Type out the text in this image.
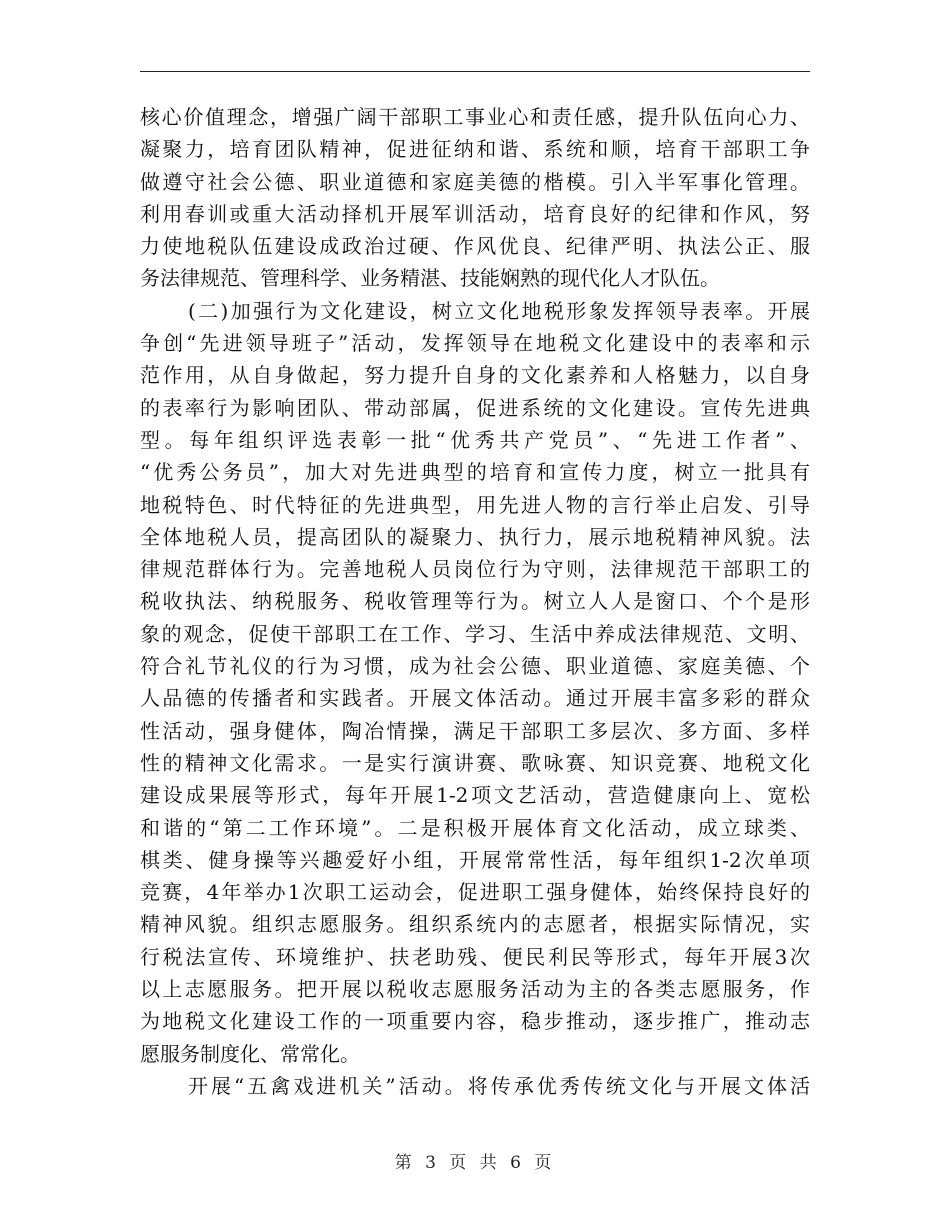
核心价值理念，增强广阔干部职工事业心和责任感，提升队伍向心力、
凝聚力，培育团队精神，促进征纳和谐、系统和顺，培育干部职工争
做遵守社会公德、职业道德和家庭美德的楷模。引入半军事化管理。
利用春训或重大活动择机开展军训活动，培育良好的纪律和作风，努
力使地税队伍建设成政治过硬、作风优良、纪律严明、执法公正、服
务法律规范、管理科学、业务精湛、技能娴熟的现代化人才队伍。
(二)加强行为文化建设，树立文化地税形象发挥领导表率。开展
争创“先进领导班子”活动，发挥领导在地税文化建设中的表率和示
范作用，从自身做起，努力提升自身的文化素养和人格魅力，以自身
的表率行为影响团队、带动部属，促进系统的文化建设。宣传先进典
型。每年组织评选表彰一批“优秀共产党员”、“先进工作者”、
“优秀公务员”，加大对先进典型的培育和宣传力度，树立一批具有
地税特色、时代特征的先进典型，用先进人物的言行举止启发、引导
全体地税人员，提高团队的凝聚力、执行力，展示地税精神风貌。法
律规范群体行为。完善地税人员岗位行为守则，法律规范干部职工的
税收执法、纳税服务、税收管理等行为。树立人人是窗口、个个是形
象的观念，促使干部职工在工作、学习、生活中养成法律规范、文明、
符合礼节礼仪的行为习惯，成为社会公德、职业道德、家庭美德、个
人品德的传播者和实践者。开展文体活动。通过开展丰富多彩的群众
性活动，强身健体，陶冶情操，满足干部职工多层次、多方面、多样
性的精神文化需求。一是实行演讲赛、歌咏赛、知识竞赛、地税文化
建设成果展等形式，每年开展1-2项文艺活动，营造健康向上、宽松
和谐的“第二工作环境”。二是积极开展体育文化活动，成立球类、
棋类、健身操等兴趣爱好小组，开展常常性活，每年组织1-2次单项
竞赛，4年举办1次职工运动会，促进职工强身健体，始终保持良好的
精神风貌。组织志愿服务。组织系统内的志愿者，根据实际情况，实
行税法宣传、环境维护、扶老助残、便民利民等形式，每年开展3次
以上志愿服务。把开展以税收志愿服务活动为主的各类志愿服务，作
为地税文化建设工作的一项重要内容，稳步推动，逐步推广，推动志
愿服务制度化、常常化。
开展“五禽戏进机关”活动。将传承优秀传统文化与开展文体活
第 3 页 共 6 页
